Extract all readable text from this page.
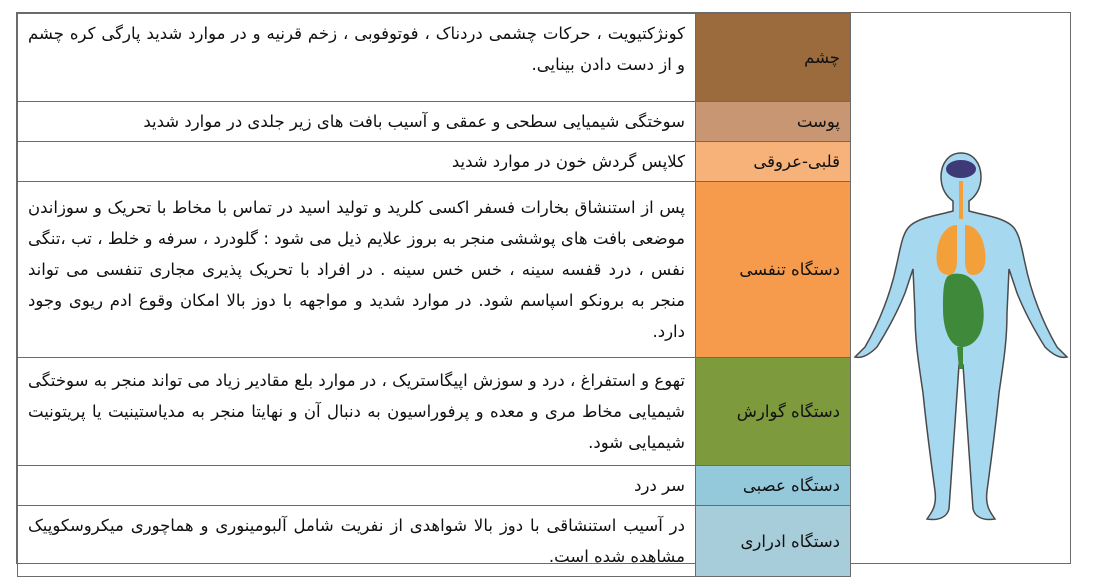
چشم	کونژکتیویت ، حرکات چشمی دردناک ، فوتوفوبی ، زخم قرنیه و در موارد شدید پارگی کره چشم و از دست دادن بینایی.
پوست	سوختگی شیمیایی سطحی و عمقی و آسیب بافت های زیر جلدی در موارد شدید
قلبی-عروقی	کلاپس گردش خون در موارد شدید
دستگاه تنفسی	پس از استنشاق بخارات فسفر اکسی کلرید و تولید اسید در تماس با مخاط با تحریک و سوزاندن موضعی بافت های پوششی منجر به بروز علایم ذیل می شود : گلودرد ، سرفه و خلط ، تب ،تنگی نفس ، درد قفسه سینه ، خس خس سینه . در افراد با تحریک پذیری مجاری تنفسی می تواند منجر به برونکو اسپاسم شود. در موارد شدید و مواجهه با دوز بالا امکان وقوع ادم ریوی وجود دارد.
دستگاه گوارش	تهوع و استفراغ ، درد و سوزش اپیگاستریک ، در موارد بلع مقادیر زیاد می تواند منجر به سوختگی شیمیایی مخاط مری و معده و پرفوراسیون به دنبال آن و نهایتا منجر به مدیاستینیت یا پریتونیت شیمیایی شود.
دستگاه عصبی	سر درد
دستگاه ادراری	در آسیب استنشاقی با دوز بالا شواهدی از نفریت شامل آلبومینوری و هماچوری میکروسکوپیک مشاهده شده است.
